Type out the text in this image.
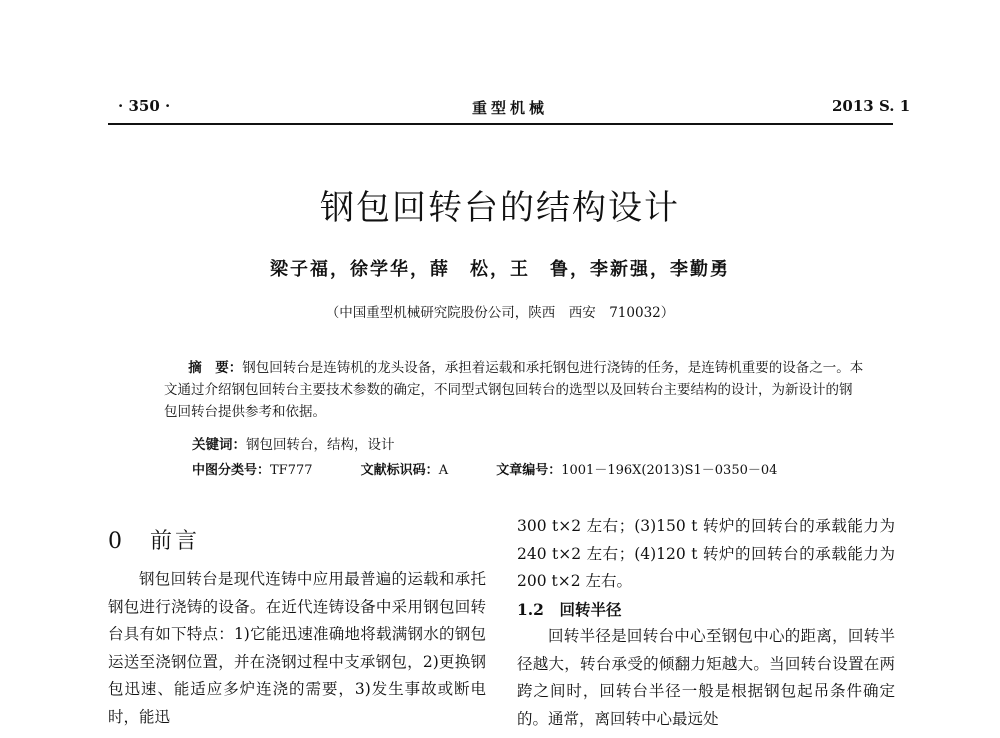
· 350 ·	重型机械	2013 S. 1
钢包回转台的结构设计
梁子福，徐学华，薛　松，王　鲁，李新强，李勤勇
（中国重型机械研究院股份公司，陕西　西安　710032）

摘　要：钢包回转台是连铸机的龙头设备，承担着运载和承托钢包进行浇铸的任务，是连铸机重要的设备之一。本文通过介绍钢包回转台主要技术参数的确定，不同型式钢包回转台的选型以及回转台主要结构的设计，为新设计的钢包回转台提供参考和依据。

关键词：钢包回转台，结构，设计
中图分类号：TF777	文献标识码：A	文章编号：1001－196X(2013)S1－0350－04
0　前言

钢包回转台是现代连铸中应用最普遍的运载和承托钢包进行浇铸的设备。在近代连铸设备中采用钢包回转台具有如下特点：1)它能迅速准确地将载满钢水的钢包运送至浇钢位置，并在浇钢过程中支承钢包，2)更换钢包迅速、能适应多炉连浇的需要，3)发生事故或断电时，能迅

300 t×2 左右；(3)150 t 转炉的回转台的承载能力为 240 t×2 左右；(4)120 t 转炉的回转台的承载能力为 200 t×2 左右。

1.2　回转半径

回转半径是回转台中心至钢包中心的距离，回转半径越大，转台承受的倾翻力矩越大。当回转台设置在两跨之间时，回转台半径一般是根据钢包起吊条件确定的。通常，离回转中心最远处
